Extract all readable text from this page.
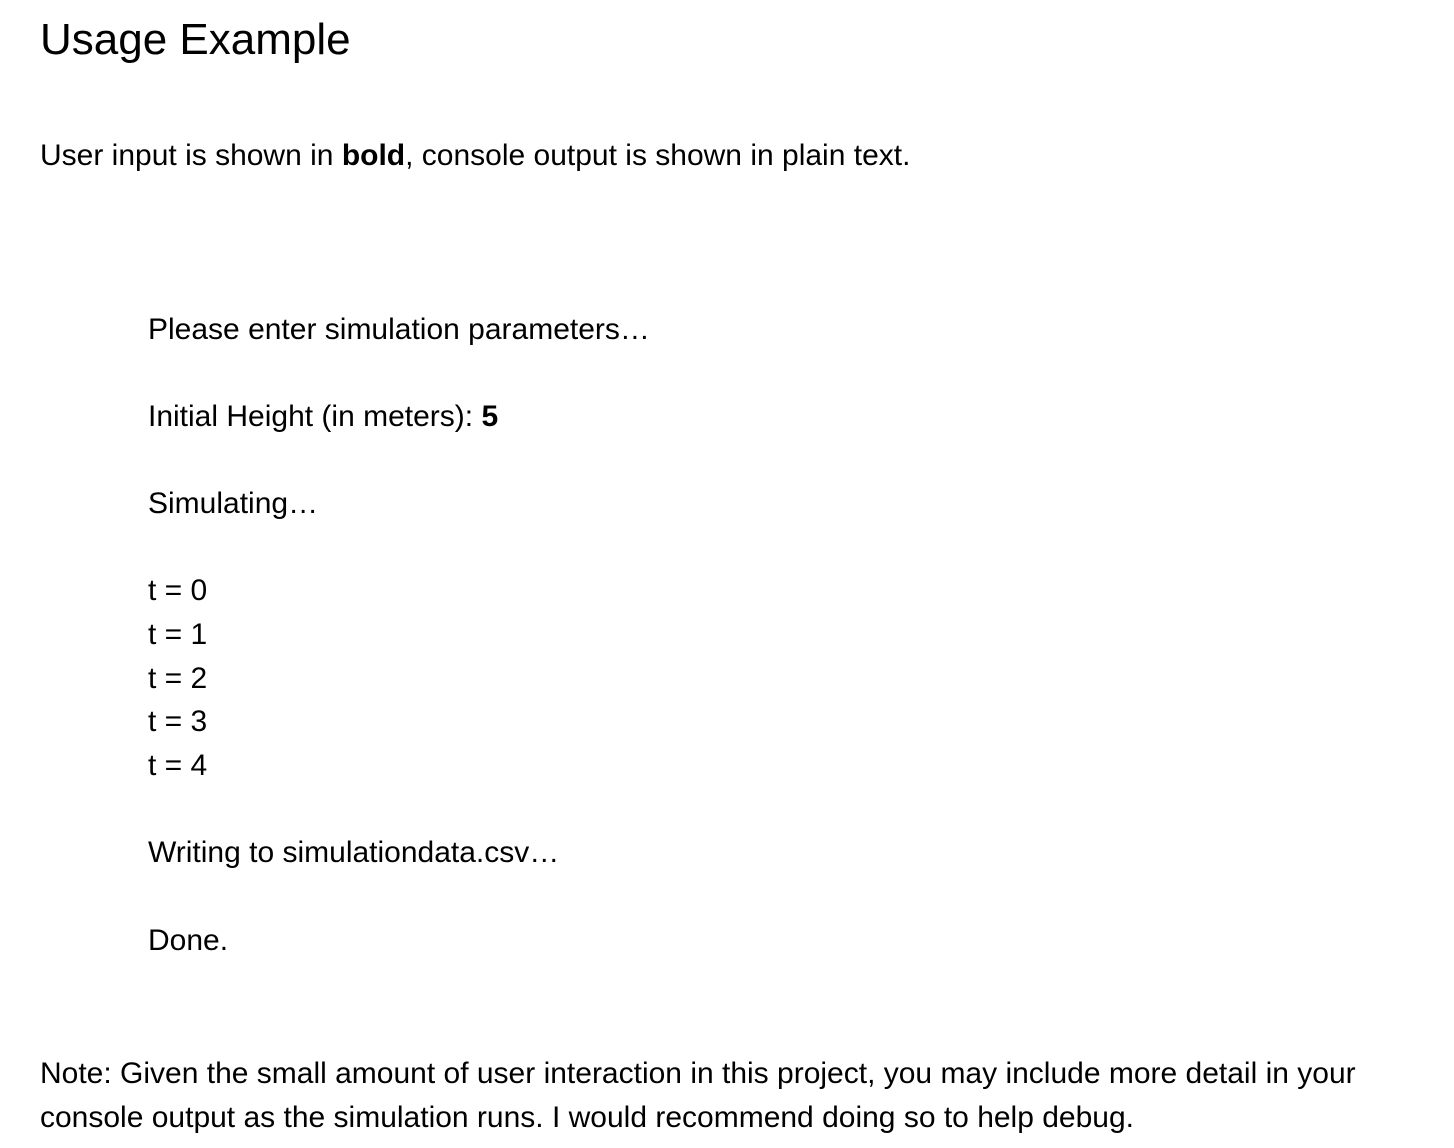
Usage Example

User input is shown in bold, console output is shown in plain text.

Please enter simulation parameters…

Initial Height (in meters): 5

Simulating…

t = 0

t = 1

t = 2

t = 3

t = 4

Writing to simulationdata.csv…

Done.

Note: Given the small amount of user interaction in this project, you may include more detail in your console output as the simulation runs. I would recommend doing so to help debug.
